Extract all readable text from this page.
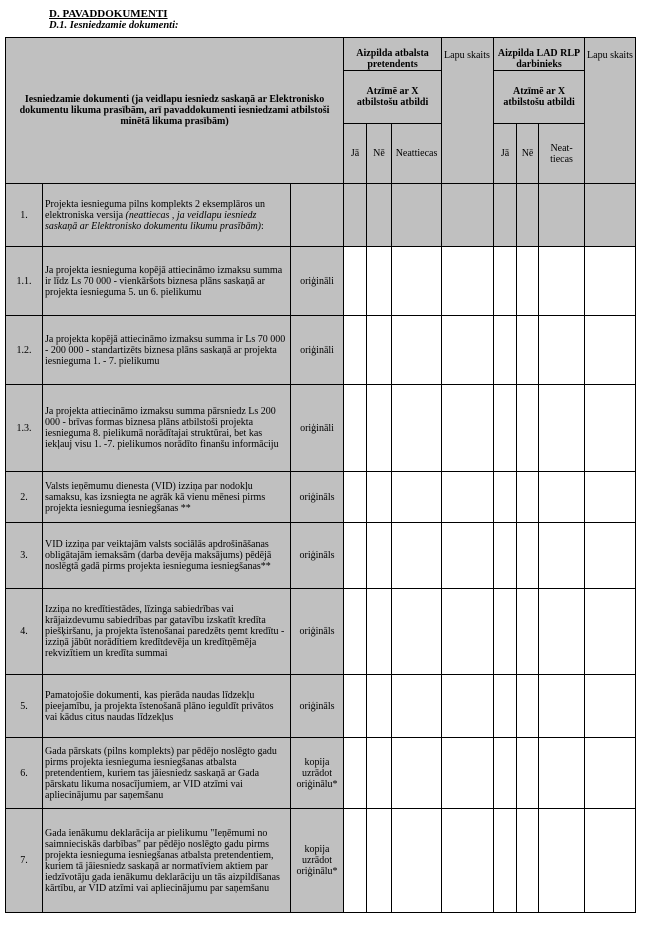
D. PAVADDOKUMENTI
D.1. Iesniedzamie dokumenti:
Iesniedzamie dokumenti (ja veidlapu iesniedz saskaņā ar Elektronisko dokumentu likuma prasībām, arī pavaddokumenti iesniedzami atbilstoši minētā likuma prasībām)			Aizpilda atbalsta pretendents			Lapu skaits	Aizpilda LAD RLP darbinieks			Lapu skaits
			Atzīmē ar X atbilstošu atbildi				Atzīmē ar X atbilstošu atbildi			
			Jā	Nē	Neattiecas		Jā	Nē	Neat-tiecas	
1.	Projekta iesnieguma pilns komplekts 2 eksemplāros un elektroniska versija (neattiecas , ja veidlapu iesniedz saskaņā ar Elektronisko dokumentu likumu prasībām):									
1.1.	Ja projekta iesnieguma kopējā attiecināmo izmaksu summa ir līdz Ls 70 000 - vienkāršots biznesa plāns saskaņā ar projekta iesnieguma 5. un 6. pielikumu	oriģināli								
1.2.	Ja projekta kopējā attiecināmo izmaksu summa ir Ls 70 000 - 200 000 - standartizēts biznesa plāns saskaņā ar projekta iesnieguma 1. - 7. pielikumu	oriģināli								
1.3.	Ja projekta attiecināmo izmaksu summa pārsniedz Ls 200 000 - brīvas formas biznesa plāns atbilstoši projekta iesnieguma 8. pielikumā norādītajai struktūrai, bet kas iekļauj visu 1. -7. pielikumos norādīto finanšu informāciju	oriģināli								
2.	Valsts ieņēmumu dienesta (VID) izziņa par nodokļu samaksu, kas izsniegta ne agrāk kā vienu mēnesi pirms projekta iesnieguma iesniegšanas **	oriģināls								
3.	VID izziņa par veiktajām valsts sociālās apdrošināšanas obligātajām iemaksām (darba devēja maksājums) pēdējā noslēgtā gadā pirms projekta iesnieguma iesniegšanas**	oriģināls								
4.	Izziņa no kredītiestādes, līzinga sabiedrības vai krājaizdevumu sabiedrības par gatavību izskatīt kredīta piešķiršanu, ja projekta īstenošanai paredzēts ņemt kredītu - izziņā jābūt norādītiem kredītdevēja un kredītņēmēja rekvizītiem un kredīta summai	oriģināls								
5.	Pamatojošie dokumenti, kas pierāda naudas līdzekļu pieejamību, ja projekta īstenošanā plāno ieguldīt privātos vai kādus citus naudas līdzekļus	oriģināls								
6.	Gada pārskats (pilns komplekts) par pēdējo noslēgto gadu pirms projekta iesnieguma iesniegšanas atbalsta pretendentiem, kuriem tas jāiesniedz saskaņā ar Gada pārskatu likuma nosacījumiem, ar VID atzīmi vai apliecinājumu par saņemšanu	kopija uzrādot oriģinālu*								
7.	Gada ienākumu deklarācija ar pielikumu "Ieņēmumi no saimnieciskās darbības" par pēdējo noslēgto gadu pirms projekta iesnieguma iesniegšanas atbalsta pretendentiem, kuriem tā jāiesniedz saskaņā ar normatīviem aktiem par iedzīvotāju gada ienākumu deklarāciju un tās aizpildīšanas kārtību, ar VID atzīmi vai apliecinājumu par saņemšanu	kopija uzrādot oriģinālu*								
